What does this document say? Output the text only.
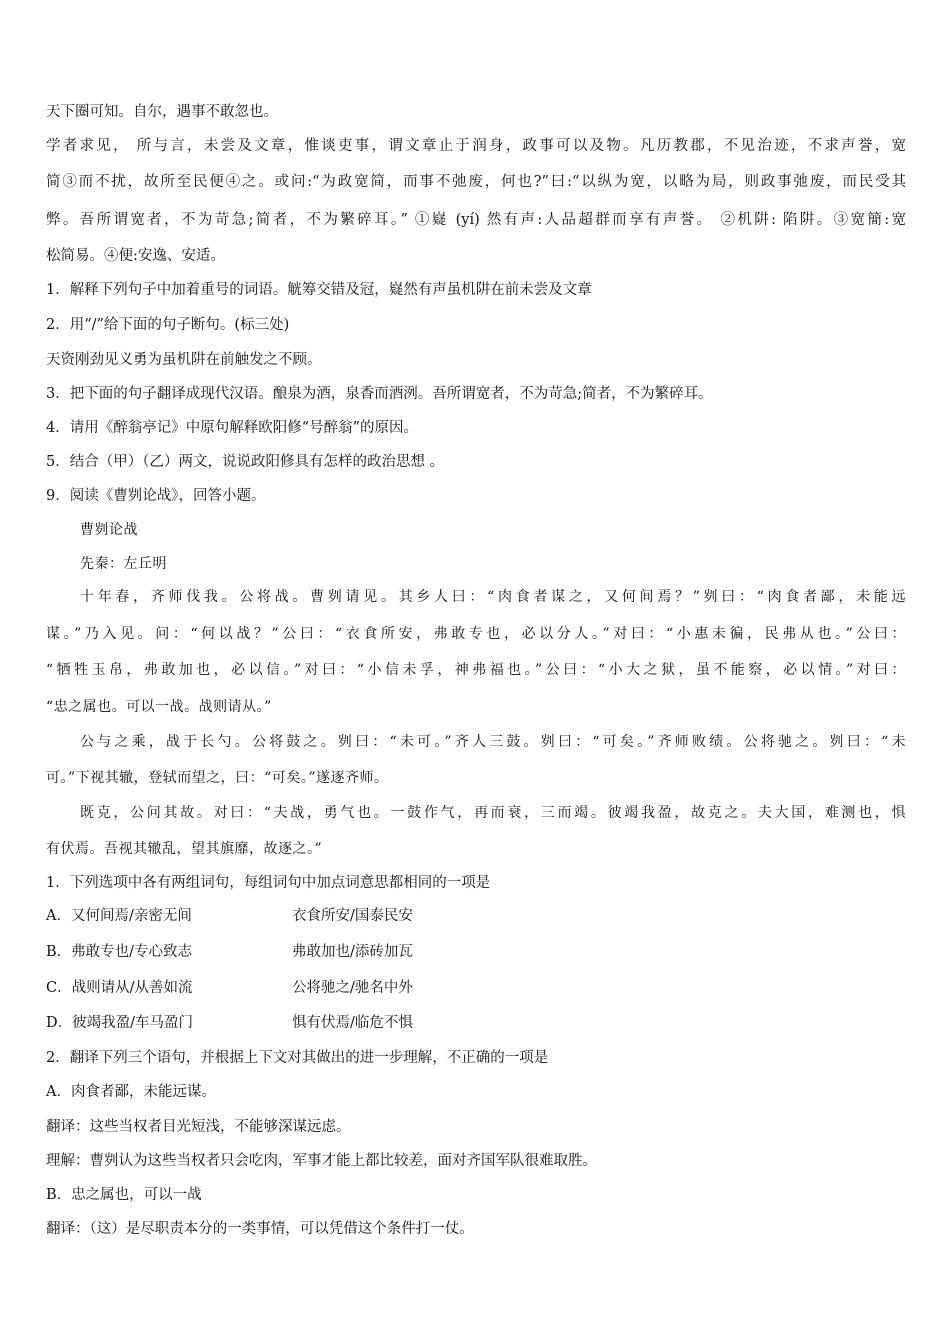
天下圈可知。自尔，遇事不敢忽也。
学者求见， 所与言，未尝及文章，惟谈吏事，谓文章止于润身，政事可以及物。凡历教郡，不见治迹，不求声誉，宽
简③而不扰，故所至民便④之。或问:“为政宽简，而事不弛废，何也?”曰:“以纵为宽，以略为局，则政事弛废，而民受其
弊。吾所谓宽者，不为苛急;简者，不为繁碎耳。” ①嶷 (yí) 然有声:人品超群而享有声誉。 ②机阱: 陷阱。③宽簡:宽
松简易。④便:安逸、安适。
1．解释下列句子中加着重号的词语。觥筹交错及冠，嶷然有声虽机阱在前未尝及文章
2．用“/”给下面的句子断句。(标三处)
天资刚劲见义勇为虽机阱在前触发之不顾。
3．把下面的句子翻译成现代汉语。酿泉为酒，泉香而酒洌。吾所谓宽者，不为苛急;简者，不为繁碎耳。
4．请用《醉翁亭记》中原句解释欧阳修“号醉翁”的原因。
5．结合（甲）（乙）两文，说说政阳修具有怎样的政治思想 。
9．阅读《曹刿论战》，回答小题。
曹刿论战
先秦：左丘明
十年春，齐师伐我。公将战。曹刿请见。其乡人曰：“肉食者谋之，又何间焉？”刿曰：“肉食者鄙，未能远
谋。”乃入见。问：“何以战？”公曰：“衣食所安，弗敢专也，必以分人。”对曰：“小惠未徧，民弗从也。”公曰：
“牺牲玉帛，弗敢加也，必以信。”对曰：“小信未孚，神弗福也。”公曰：“小大之狱，虽不能察，必以情。”对曰：
“忠之属也。可以一战。战则请从。”
公与之乘，战于长勺。公将鼓之。刿曰：“未可。”齐人三鼓。刿曰：“可矣。”齐师败绩。公将驰之。刿曰：“未
可。”下视其辙，登轼而望之，曰：“可矣。”遂逐齐师。
既克，公问其故。对曰：“夫战，勇气也。一鼓作气，再而衰，三而竭。彼竭我盈，故克之。夫大国，难测也，惧
有伏焉。吾视其辙乱，望其旗靡，故逐之。”
1．下列选项中各有两组词句，每组词句中加点词意思都相同的一项是
A．又何间焉/亲密无间	衣食所安/国泰民安
B．弗敢专也/专心致志	弗敢加也/添砖加瓦
C．战则请从/从善如流	公将驰之/驰名中外
D．彼竭我盈/车马盈门	惧有伏焉/临危不惧
2．翻译下列三个语句，并根据上下文对其做出的进一步理解，不正确的一项是
A．肉食者鄙，未能远谋。
翻译：这些当权者目光短浅，不能够深谋远虑。
理解：曹刿认为这些当权者只会吃肉，军事才能上都比较差，面对齐国军队很难取胜。
B．忠之属也，可以一战
翻译：（这）是尽职责本分的一类事情，可以凭借这个条件打一仗。
